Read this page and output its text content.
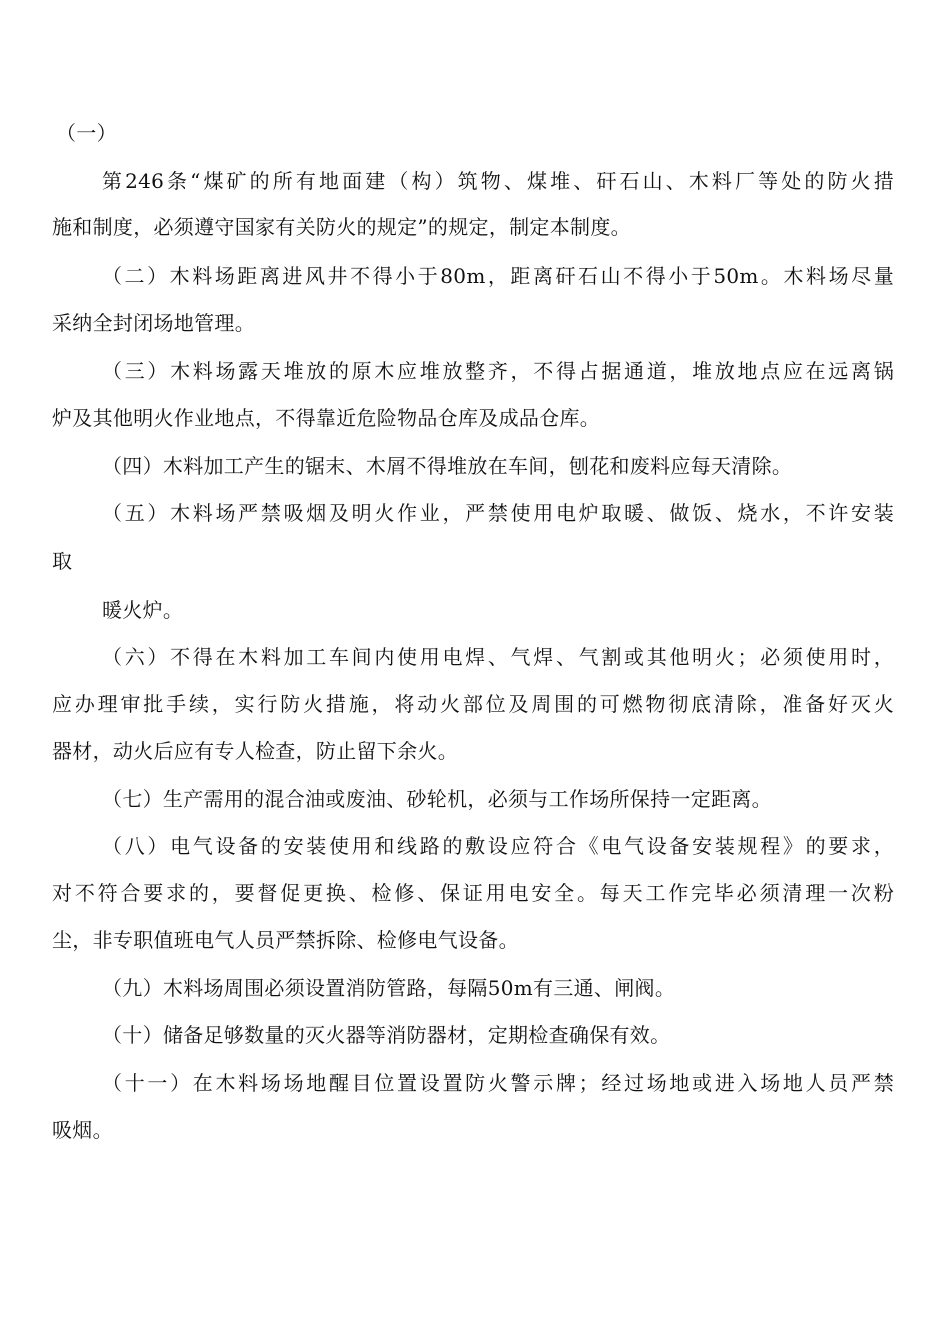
（一）
第246条“煤矿的所有地面建（构）筑物、煤堆、矸石山、木料厂等处的防火措
施和制度，必须遵守国家有关防火的规定”的规定，制定本制度。
（二）木料场距离进风井不得小于80m，距离矸石山不得小于50m。木料场尽量
采纳全封闭场地管理。
（三）木料场露天堆放的原木应堆放整齐，不得占据通道，堆放地点应在远离锅
炉及其他明火作业地点，不得靠近危险物品仓库及成品仓库。
（四）木料加工产生的锯末、木屑不得堆放在车间，刨花和废料应每天清除。
（五）木料场严禁吸烟及明火作业，严禁使用电炉取暖、做饭、烧水，不许安装
取
暖火炉。
（六）不得在木料加工车间内使用电焊、气焊、气割或其他明火；必须使用时，
应办理审批手续，实行防火措施，将动火部位及周围的可燃物彻底清除，准备好灭火
器材，动火后应有专人检查，防止留下余火。
（七）生产需用的混合油或废油、砂轮机，必须与工作场所保持一定距离。
（八）电气设备的安装使用和线路的敷设应符合《电气设备安装规程》的要求，
对不符合要求的，要督促更换、检修、保证用电安全。每天工作完毕必须清理一次粉
尘，非专职值班电气人员严禁拆除、检修电气设备。
（九）木料场周围必须设置消防管路，每隔50m有三通、闸阀。
（十）储备足够数量的灭火器等消防器材，定期检查确保有效。
（十一）在木料场场地醒目位置设置防火警示牌；经过场地或进入场地人员严禁
吸烟。
